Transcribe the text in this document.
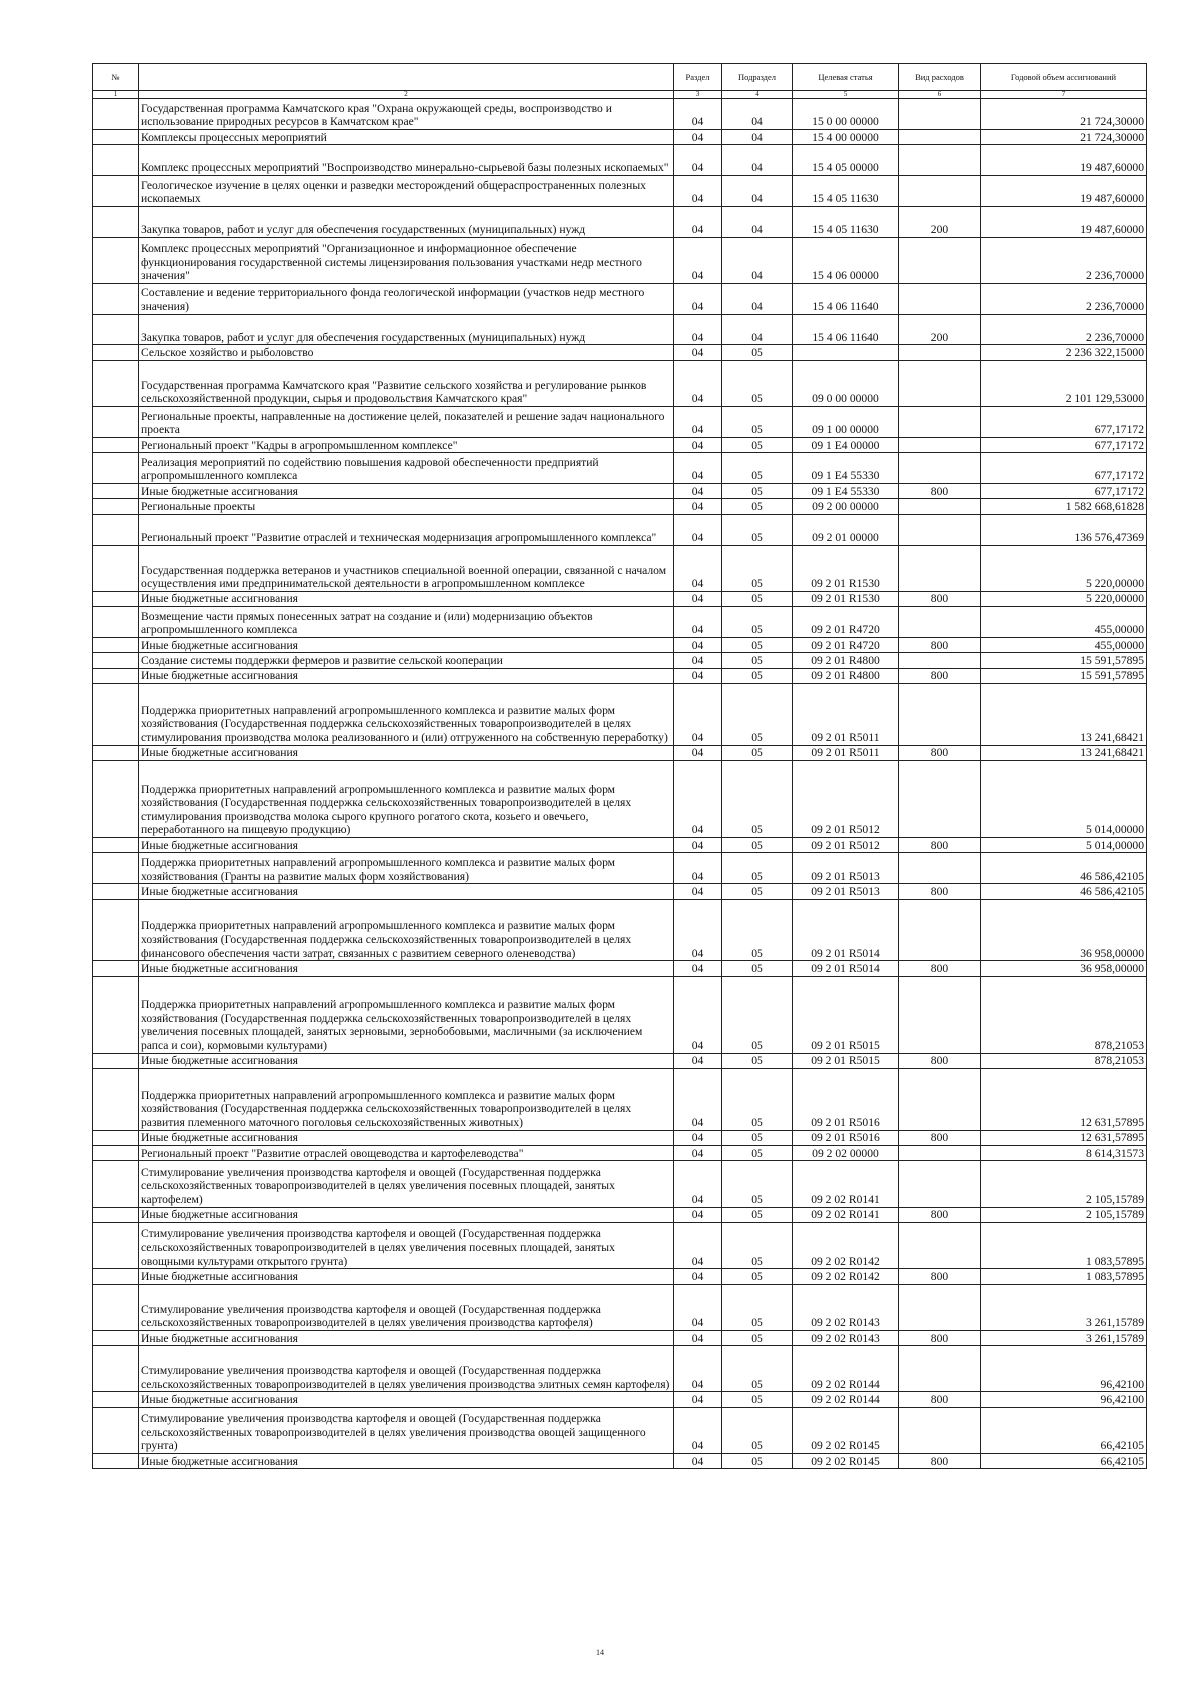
№		Раздел	Подраздел	Целевая статья	Вид расходов	Годовой объем ассигнований
1	2	3	4	5	6	7
	Государственная программа Камчатского края "Охрана окружающей среды, воспроизводство и использование природных ресурсов в Камчатском крае"	04	04	15 0 00 00000		21 724,30000
	Комплексы процессных мероприятий	04	04	15 4 00 00000		21 724,30000
	Комплекс процессных мероприятий "Воспроизводство минерально-сырьевой базы полезных ископаемых"	04	04	15 4 05 00000		19 487,60000
	Геологическое изучение в целях оценки и разведки месторождений общераспространенных полезных ископаемых	04	04	15 4 05 11630		19 487,60000
	Закупка товаров, работ и услуг для обеспечения государственных (муниципальных) нужд	04	04	15 4 05 11630	200	19 487,60000
	Комплекс процессных мероприятий "Организационное и информационное обеспечение функционирования государственной системы лицензирования пользования участками недр местного значения"	04	04	15 4 06 00000		2 236,70000
	Составление и ведение территориального фонда геологической информации (участков недр местного значения)	04	04	15 4 06 11640		2 236,70000
	Закупка товаров, работ и услуг для обеспечения государственных (муниципальных) нужд	04	04	15 4 06 11640	200	2 236,70000
	Сельское хозяйство и рыболовство	04	05			2 236 322,15000
	Государственная программа Камчатского края "Развитие сельского хозяйства и регулирование рынков сельскохозяйственной продукции, сырья и продовольствия Камчатского края"	04	05	09 0 00 00000		2 101 129,53000
	Региональные проекты, направленные на достижение целей, показателей и решение задач национального проекта	04	05	09 1 00 00000		677,17172
	Региональный проект "Кадры в агропромышленном комплексе"	04	05	09 1 E4 00000		677,17172
	Реализация мероприятий по содействию повышения кадровой обеспеченности предприятий агропромышленного комплекса	04	05	09 1 E4 55330		677,17172
	Иные бюджетные ассигнования	04	05	09 1 E4 55330	800	677,17172
	Региональные проекты	04	05	09 2 00 00000		1 582 668,61828
	Региональный проект "Развитие отраслей и техническая модернизация агропромышленного комплекса"	04	05	09 2 01 00000		136 576,47369
	Государственная поддержка ветеранов и участников специальной военной операции, связанной с началом осуществления ими предпринимательской деятельности в агропромышленном комплексе	04	05	09 2 01 R1530		5 220,00000
	Иные бюджетные ассигнования	04	05	09 2 01 R1530	800	5 220,00000
	Возмещение части прямых понесенных затрат на создание и (или) модернизацию объектов агропромышленного комплекса	04	05	09 2 01 R4720		455,00000
	Иные бюджетные ассигнования	04	05	09 2 01 R4720	800	455,00000
	Создание системы поддержки фермеров и развитие сельской кооперации	04	05	09 2 01 R4800		15 591,57895
	Иные бюджетные ассигнования	04	05	09 2 01 R4800	800	15 591,57895
	Поддержка приоритетных направлений агропромышленного комплекса и развитие малых форм хозяйствования (Государственная поддержка сельскохозяйственных товаропроизводителей в целях стимулирования производства молока реализованного и (или) отгруженного на собственную переработку)	04	05	09 2 01 R5011		13 241,68421
	Иные бюджетные ассигнования	04	05	09 2 01 R5011	800	13 241,68421
	Поддержка приоритетных направлений агропромышленного комплекса и развитие малых форм хозяйствования (Государственная поддержка сельскохозяйственных товаропроизводителей в целях стимулирования производства молока сырого крупного рогатого скота, козьего и овечьего, переработанного на пищевую продукцию)	04	05	09 2 01 R5012		5 014,00000
	Иные бюджетные ассигнования	04	05	09 2 01 R5012	800	5 014,00000
	Поддержка приоритетных направлений агропромышленного комплекса и развитие малых форм хозяйствования (Гранты на развитие малых форм хозяйствования)	04	05	09 2 01 R5013		46 586,42105
	Иные бюджетные ассигнования	04	05	09 2 01 R5013	800	46 586,42105
	Поддержка приоритетных направлений агропромышленного комплекса и развитие малых форм хозяйствования (Государственная поддержка сельскохозяйственных товаропроизводителей в целях финансового обеспечения части затрат, связанных с развитием северного оленеводства)	04	05	09 2 01 R5014		36 958,00000
	Иные бюджетные ассигнования	04	05	09 2 01 R5014	800	36 958,00000
	Поддержка приоритетных направлений агропромышленного комплекса и развитие малых форм хозяйствования (Государственная поддержка сельскохозяйственных товаропроизводителей в целях увеличения посевных площадей, занятых зерновыми, зернобобовыми, масличными (за исключением рапса и сои), кормовыми культурами)	04	05	09 2 01 R5015		878,21053
	Иные бюджетные ассигнования	04	05	09 2 01 R5015	800	878,21053
	Поддержка приоритетных направлений агропромышленного комплекса и развитие малых форм хозяйствования (Государственная поддержка сельскохозяйственных товаропроизводителей в целях развития племенного маточного поголовья сельскохозяйственных животных)	04	05	09 2 01 R5016		12 631,57895
	Иные бюджетные ассигнования	04	05	09 2 01 R5016	800	12 631,57895
	Региональный проект "Развитие отраслей овощеводства и картофелеводства"	04	05	09 2 02 00000		8 614,31573
	Стимулирование увеличения производства картофеля и овощей (Государственная поддержка сельскохозяйственных товаропроизводителей в целях увеличения посевных площадей, занятых картофелем)	04	05	09 2 02 R0141		2 105,15789
	Иные бюджетные ассигнования	04	05	09 2 02 R0141	800	2 105,15789
	Стимулирование увеличения производства картофеля и овощей (Государственная поддержка сельскохозяйственных товаропроизводителей в целях увеличения посевных площадей, занятых овощными культурами открытого грунта)	04	05	09 2 02 R0142		1 083,57895
	Иные бюджетные ассигнования	04	05	09 2 02 R0142	800	1 083,57895
	Стимулирование увеличения производства картофеля и овощей (Государственная поддержка сельскохозяйственных товаропроизводителей в целях увеличения производства картофеля)	04	05	09 2 02 R0143		3 261,15789
	Иные бюджетные ассигнования	04	05	09 2 02 R0143	800	3 261,15789
	Стимулирование увеличения производства картофеля и овощей (Государственная поддержка сельскохозяйственных товаропроизводителей в целях увеличения производства элитных семян картофеля)	04	05	09 2 02 R0144		96,42100
	Иные бюджетные ассигнования	04	05	09 2 02 R0144	800	96,42100
	Стимулирование увеличения производства картофеля и овощей (Государственная поддержка сельскохозяйственных товаропроизводителей в целях увеличения производства овощей защищенного грунта)	04	05	09 2 02 R0145		66,42105
	Иные бюджетные ассигнования	04	05	09 2 02 R0145	800	66,42105
14
